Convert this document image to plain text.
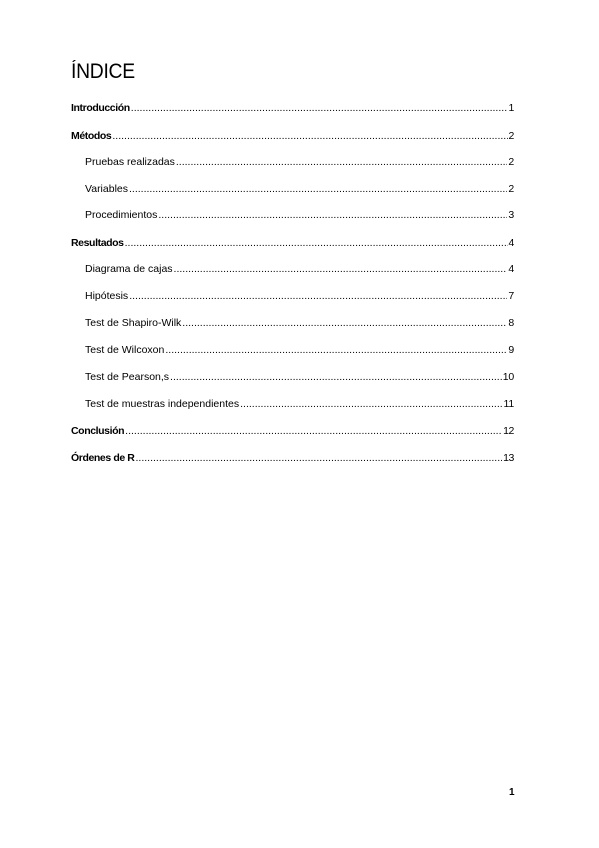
ÍNDICE
Introducción .....	1
Métodos .....	2
Pruebas realizadas .....	2
Variables .....	2
Procedimientos .....	3
Resultados .....	4
Diagrama de cajas .....	4
Hipótesis .....	7
Test de Shapiro-Wilk .....	8
Test de Wilcoxon .....	9
Test de Pearson,s .....	10
Test de muestras independientes .....	11
Conclusión .....	12
Órdenes de R .....	13
1
